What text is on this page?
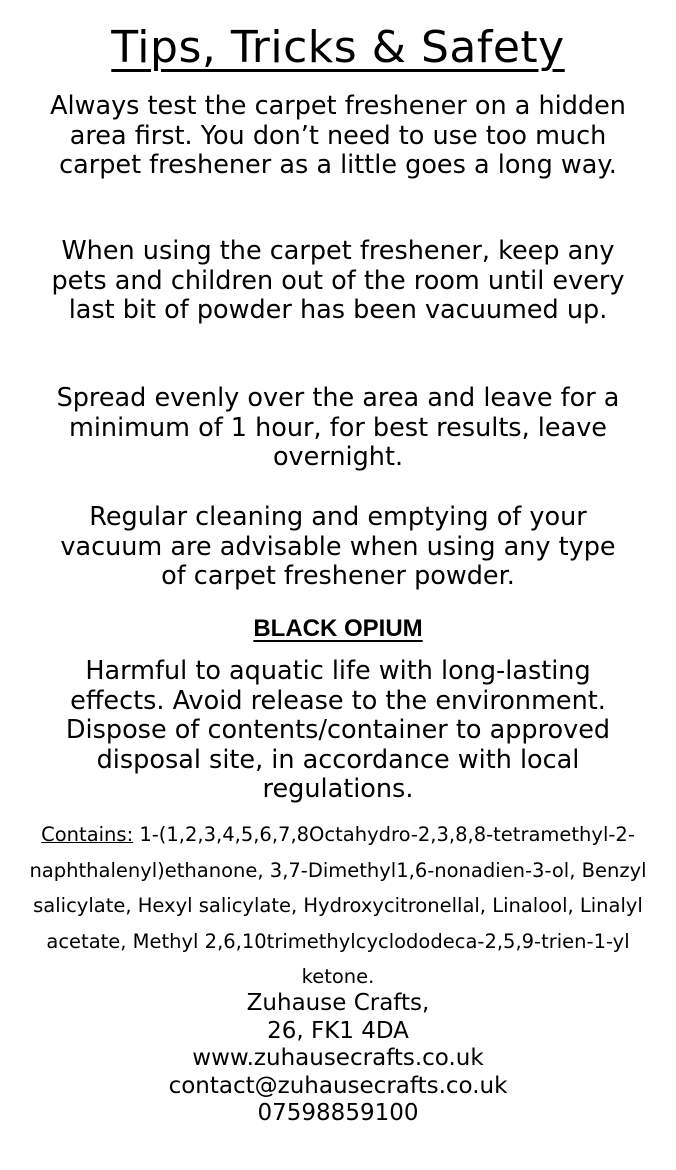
Tips, Tricks & Safety

Always test the carpet freshener on a hidden area first. You don’t need to use too much carpet freshener as a little goes a long way.

When using the carpet freshener, keep any pets and children out of the room until every last bit of powder has been vacuumed up.

Spread evenly over the area and leave for a minimum of 1 hour, for best results, leave overnight.

Regular cleaning and emptying of your vacuum are advisable when using any type of carpet freshener powder.

BLACK OPIUM

Harmful to aquatic life with long-lasting effects. Avoid release to the environment. Dispose of contents/container to approved disposal site, in accordance with local regulations.

Contains: 1-(1,2,3,4,5,6,7,8Octahydro-2,3,8,8-tetramethyl-2-naphthalenyl)ethanone, 3,7-Dimethyl1,6-nonadien-3-ol, Benzyl salicylate, Hexyl salicylate, Hydroxycitronellal, Linalool, Linalyl acetate, Methyl 2,6,10trimethylcyclododeca-2,5,9-trien-1-yl ketone.

Zuhause Crafts,
26, FK1 4DA
www.zuhausecrafts.co.uk
contact@zuhausecrafts.co.uk
07598859100
